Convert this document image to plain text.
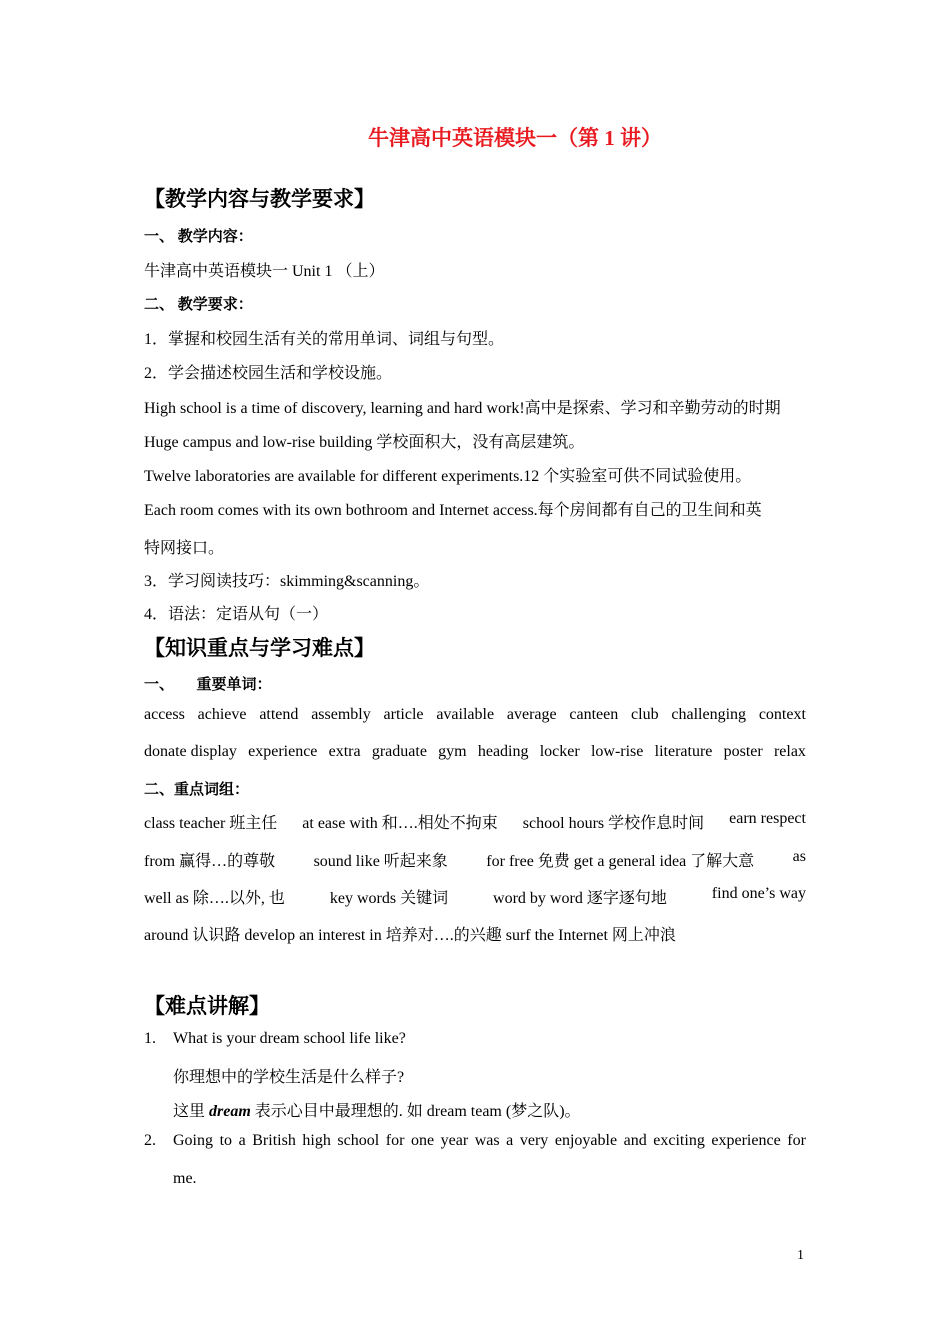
牛津高中英语模块一（第 1 讲）
【教学内容与教学要求】
一、 教学内容：
牛津高中英语模块一 Unit 1 （上）
二、 教学要求：
1．掌握和校园生活有关的常用单词、词组与句型。
2．学会描述校园生活和学校设施。
High school is a time of discovery, learning and hard work!高中是探索、学习和辛勤劳动的时期
Huge campus and low-rise building 学校面积大，没有高层建筑。
Twelve laboratories are available for different experiments.12 个实验室可供不同试验使用。
Each room comes with its own bothroom and Internet access.每个房间都有自己的卫生间和英
特网接口。
3．学习阅读技巧：skimming&scanning。
4．语法：定语从句（一）
【知识重点与学习难点】
一、　　重要单词：
access achieve attend assembly article available average canteen club challenging context
donate display experience extra graduate gym heading locker low-rise literature poster relax
二、重点词组：
class teacher 班主任 at ease with 和….相处不拘束 school hours 学校作息时间 earn respect
from 赢得…的尊敬 sound like 听起来象 for free 免费 get a general idea 了解大意 as
well as 除….以外, 也	key words 关键词	word by word 逐字逐句地	find one’s way
around 认识路 develop an interest in 培养对….的兴趣 surf the Internet 网上冲浪
【难点讲解】
1. What is your dream school life like?
你理想中的学校生活是什么样子?
这里 dream 表示心目中最理想的. 如 dream team (梦之队)。
2. Going to a British high school for one year was a very enjoyable and exciting experience for
me.
1
